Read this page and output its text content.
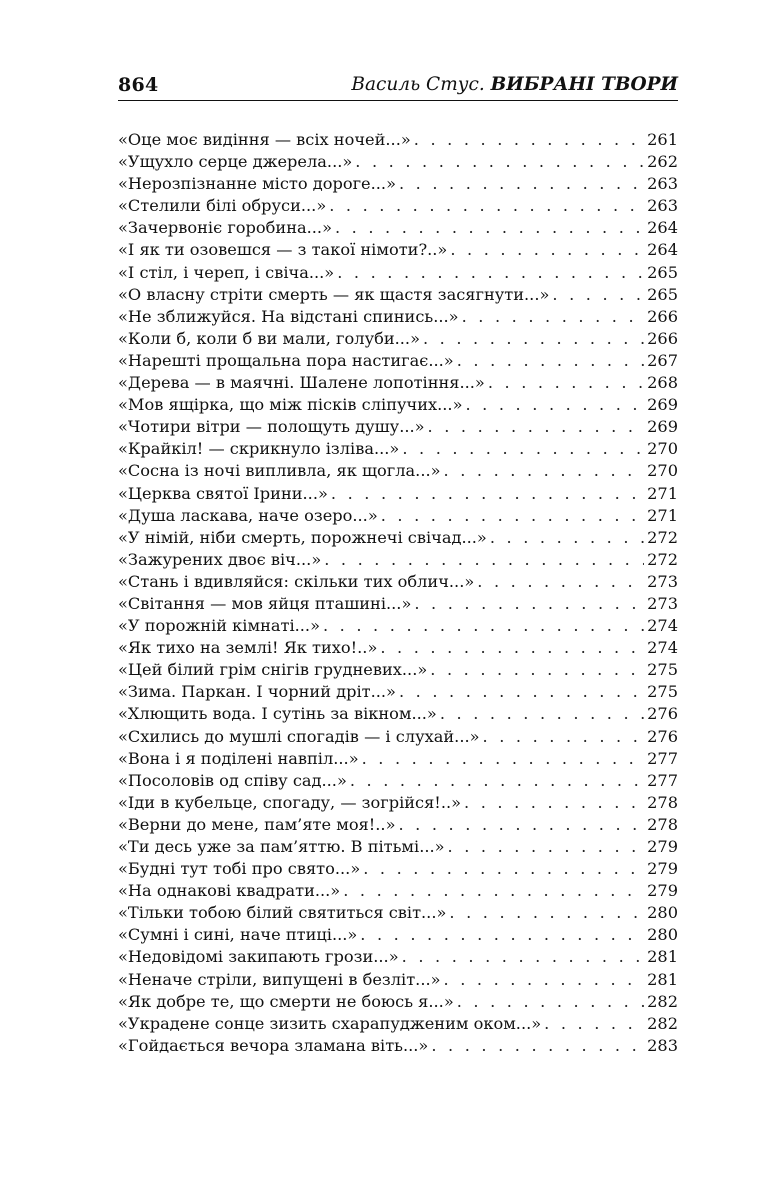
864	Василь Стус. ВИБРАНІ ТВОРИ
«Оце моє видіння — всіх ночей...» . . .	261
«Ущухло серце джерела...» . . .	262
«Нерозпізнанне місто дороге...» . . .	263
«Стелили білі обруси...» . . .	263
«Зачервоніє горобина...» . . .	264
«І як ти озовешся — з такої німоти?..» . . .	264
«І стіл, і череп, і свіча...» . . .	265
«О власну стріти смерть — як щастя засягнути...» . . .	265
«Не зближуйся. На відстані спинись...» . . .	266
«Коли б, коли б ви мали, голуби...» . . .	266
«Нарешті прощальна пора настигає...» . . .	267
«Дерева — в маячні. Шалене лопотіння...» . . .	268
«Мов ящірка, що між пісків сліпучих...» . . .	269
«Чотири вітри — полощуть душу...» . . .	269
«Крайкіл! — скрикнуло ізліва...» . . .	270
«Сосна із ночі випливла, як щогла...» . . .	270
«Церква святої Ірини...» . . .	271
«Душа ласкава, наче озеро...» . . .	271
«У німій, ніби смерть, порожнечі свічад...» . . .	272
«Зажурених двоє віч...» . . .	272
«Стань і вдивляйся: скільки тих облич...» . . .	273
«Світання — мов яйця пташині...» . . .	273
«У порожній кімнаті...» . . .	274
«Як тихо на землі! Як тихо!..» . . .	274
«Цей білий грім снігів грудневих...» . . .	275
«Зима. Паркан. І чорний дріт...» . . .	275
«Хлющить вода. І сутінь за вікном...» . . .	276
«Схились до мушлі спогадів — і слухай...» . . .	276
«Вона і я поділені навпіл...» . . .	277
«Посоловів од співу сад...» . . .	277
«Іди в кубельце, спогаду, — зогрійся!..» . . .	278
«Верни до мене, пам’яте моя!..» . . .	278
«Ти десь уже за пам’яттю. В пітьмі...» . . .	279
«Будні тут тобі про свято...» . . .	279
«На однакові квадрати...» . . .	279
«Тільки тобою білий святиться світ...» . . .	280
«Сумні і сині, наче птиці...» . . .	280
«Недовідомі закипають грози...» . . .	281
«Неначе стріли, випущені в безліт...» . . .	281
«Як добре те, що смерти не боюсь я...» . . .	282
«Украдене сонце зизить схарапудженим оком...» . . .	282
«Гойдається вечора зламана віть...» . . .	283
